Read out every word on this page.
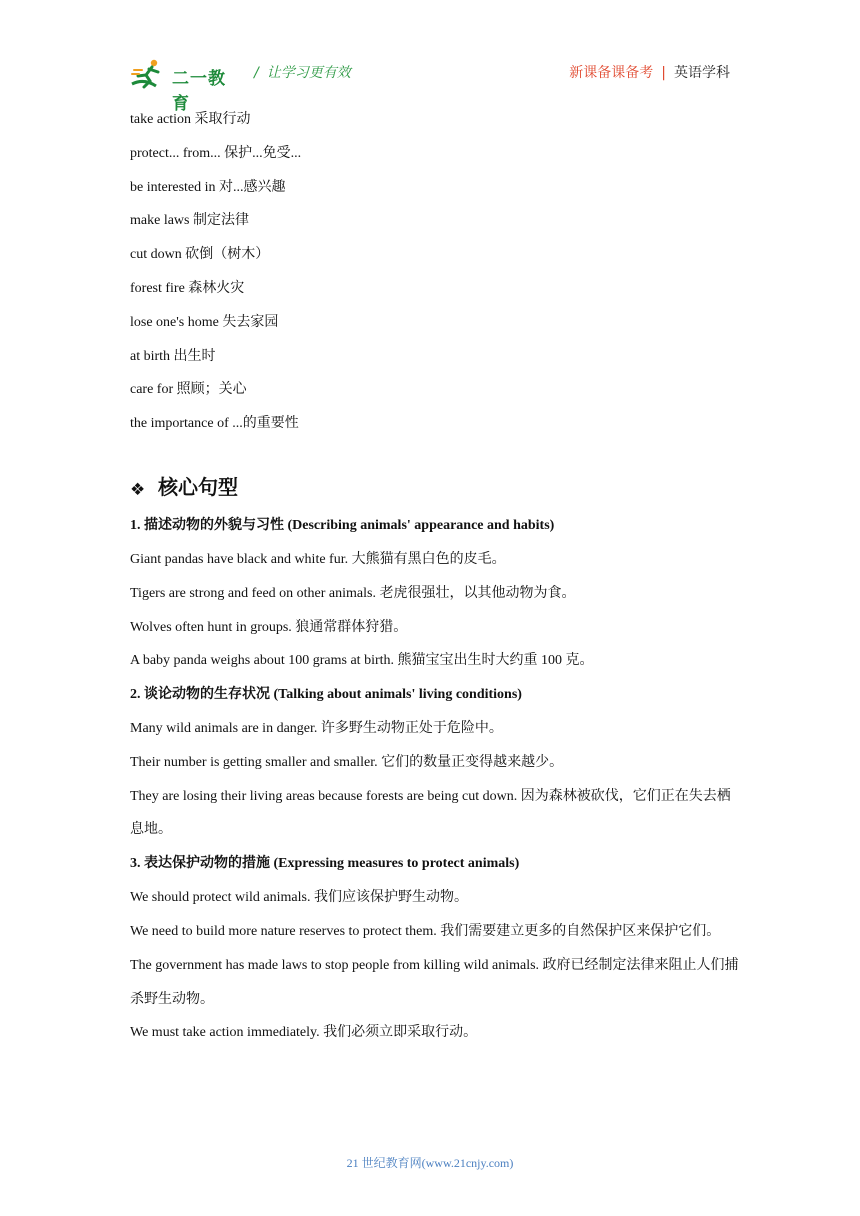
二一教育
/ 让学习更有效	新课备课备考 | 英语学科
take action 采取行动
protect... from... 保护...免受...
be interested in 对...感兴趣
make laws 制定法律
cut down 砍倒（树木）
forest fire 森林火灾
lose one's home 失去家园
at birth 出生时
care for 照顾；关心
the importance of ...的重要性
❖ 核心句型
1. 描述动物的外貌与习性 (Describing animals' appearance and habits)
Giant pandas have black and white fur. 大熊猫有黑白色的皮毛。
Tigers are strong and feed on other animals. 老虎很强壮，以其他动物为食。
Wolves often hunt in groups. 狼通常群体狩猎。
A baby panda weighs about 100 grams at birth. 熊猫宝宝出生时大约重 100 克。
2. 谈论动物的生存状况 (Talking about animals' living conditions)
Many wild animals are in danger. 许多野生动物正处于危险中。
Their number is getting smaller and smaller. 它们的数量正变得越来越少。
They are losing their living areas because forests are being cut down. 因为森林被砍伐，它们正在失去栖息地。
3. 表达保护动物的措施 (Expressing measures to protect animals)
We should protect wild animals. 我们应该保护野生动物。
We need to build more nature reserves to protect them. 我们需要建立更多的自然保护区来保护它们。
The government has made laws to stop people from killing wild animals. 政府已经制定法律来阻止人们捕杀野生动物。
We must take action immediately. 我们必须立即采取行动。
21 世纪教育网(www.21cnjy.com)
